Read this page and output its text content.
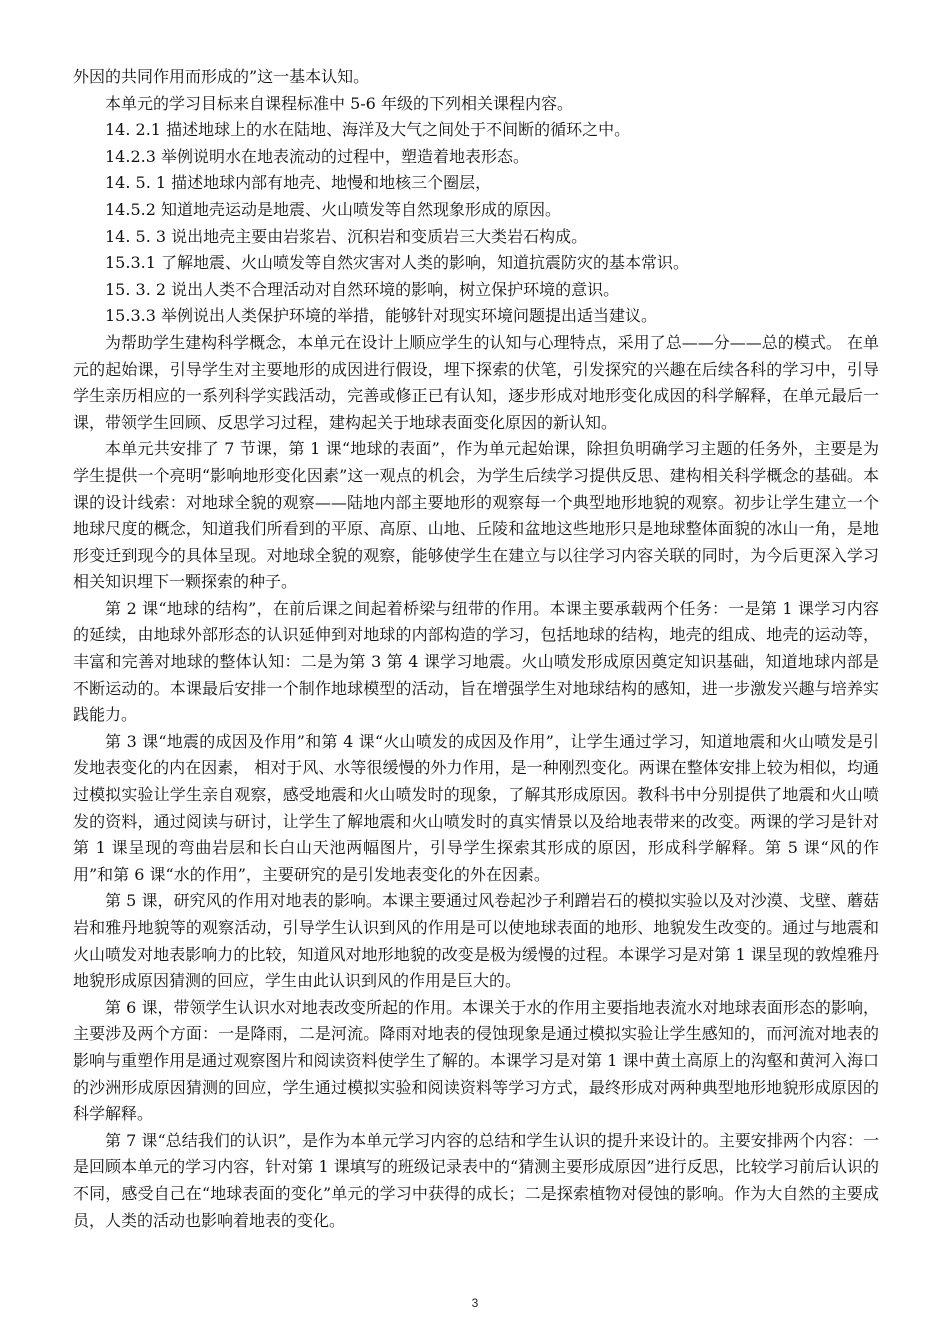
外因的共同作用而形成的”这一基本认知。

本单元的学习目标来自课程标准中 5-6 年级的下列相关课程内容。

14. 2.1 描述地球上的水在陆地、海洋及大气之间处于不间断的循环之中。

14.2.3 举例说明水在地表流动的过程中，塑造着地表形态。

14. 5. 1 描述地球内部有地壳、地慢和地核三个圈层，

14.5.2 知道地壳运动是地震、火山喷发等自然现象形成的原因。

14. 5. 3 说出地壳主要由岩浆岩、沉积岩和变质岩三大类岩石构成。

15.3.1 了解地震、火山喷发等自然灾害对人类的影响，知道抗震防灾的基本常识。

15. 3. 2 说出人类不合理活动对自然环境的影响，树立保护环境的意识。

15.3.3 举例说出人类保护环境的举措，能够针对现实环境问题提出适当建议。

为帮助学生建构科学概念，本单元在设计上顺应学生的认知与心理特点，采用了总——分——总的模式。 在单元的起始课，引导学生对主要地形的成因进行假设，埋下探索的伏笔，引发探究的兴趣在后续各科的学习中，引导学生亲历相应的一系列科学实践活动，完善或修正已有认知，逐步形成对地形变化成因的科学解释，在单元最后一课，带领学生回顾、反思学习过程，建构起关于地球表面变化原因的新认知。

本单元共安排了 7 节课，第 1 课“地球的表面”，作为单元起始课，除担负明确学习主题的任务外，主要是为学生提供一个亮明“影响地形变化因素”这一观点的机会，为学生后续学习提供反思、建构相关科学概念的基础。本课的设计线索：对地球全貌的观察——陆地内部主要地形的观察每一个典型地形地貌的观察。初步让学生建立一个地球尺度的概念，知道我们所看到的平原、高原、山地、丘陵和盆地这些地形只是地球整体面貌的冰山一角，是地形变迁到现今的具体呈现。对地球全貌的观察，能够使学生在建立与以往学习内容关联的同时，为今后更深入学习相关知识埋下一颗探索的种子。

第 2 课“地球的结构”，在前后课之间起着桥梁与纽带的作用。本课主要承载两个任务：一是第 1 课学习内容的延续，由地球外部形态的认识延伸到对地球的内部构造的学习，包括地球的结构，地壳的组成、地壳的运动等，丰富和完善对地球的整体认知：二是为第 3 第 4 课学习地震。火山喷发形成原因奠定知识基础，知道地球内部是不断运动的。本课最后安排一个制作地球模型的活动，旨在增强学生对地球结构的感知，进一步激发兴趣与培养实践能力。

第 3 课“地震的成因及作用”和第 4 课“火山喷发的成因及作用”，让学生通过学习，知道地震和火山喷发是引发地表变化的内在因素， 相对于风、水等很缓慢的外力作用，是一种刚烈变化。两课在整体安排上较为相似，均通过模拟实验让学生亲自观察，感受地震和火山喷发时的现象，了解其形成原因。教科书中分别提供了地震和火山喷发的资料，通过阅读与研讨，让学生了解地震和火山喷发时的真实情景以及给地表带来的改变。两课的学习是针对第 1 课呈现的弯曲岩层和长白山天池两幅图片，引导学生探索其形成的原因，形成科学解释。第 5 课“风的作用”和第 6 课“水的作用”，主要研究的是引发地表变化的外在因素。

第 5 课，研究风的作用对地表的影响。本课主要通过风卷起沙子利蹭岩石的模拟实验以及对沙漠、戈壁、蘑菇岩和雅丹地貌等的观察活动，引导学生认识到风的作用是可以使地球表面的地形、地貌发生改变的。通过与地震和火山喷发对地表影响力的比较，知道风对地形地貌的改变是极为缓慢的过程。本课学习是对第 1 课呈现的敦煌雅丹地貌形成原因猜测的回应，学生由此认识到风的作用是巨大的。

第 6 课，带领学生认识水对地表改变所起的作用。本课关于水的作用主要指地表流水对地球表面形态的影响，主要涉及两个方面：一是降雨，二是河流。降雨对地表的侵蚀现象是通过模拟实验让学生感知的，而河流对地表的影响与重塑作用是通过观察图片和阅读资料使学生了解的。本课学习是对第 1 课中黄土高原上的沟壑和黄河入海口的沙洲形成原因猜测的回应，学生通过模拟实验和阅读资料等学习方式，最终形成对两种典型地形地貌形成原因的科学解释。

第 7 课“总结我们的认识”，是作为本单元学习内容的总结和学生认识的提升来设计的。主要安排两个内容：一是回顾本单元的学习内容，针对第 1 课填写的班级记录表中的“猜测主要形成原因”进行反思，比较学习前后认识的不同，感受自己在“地球表面的变化”单元的学习中获得的成长；二是探索植物对侵蚀的影响。作为大自然的主要成员，人类的活动也影响着地表的变化。

3
